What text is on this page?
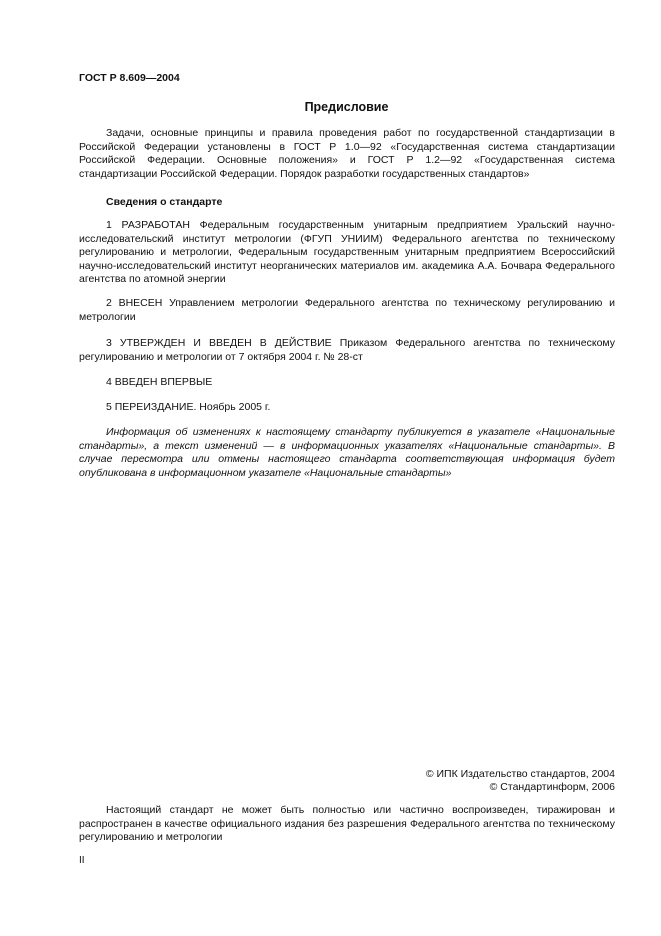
ГОСТ Р 8.609—2004
Предисловие

Задачи, основные принципы и правила проведения работ по государственной стандартизации в Российской Федерации установлены в ГОСТ Р 1.0—92 «Государственная система стандартизации Российской Федерации. Основные положения» и ГОСТ Р 1.2—92 «Государственная система стандартизации Российской Федерации. Порядок разработки государственных стандартов»

Сведения о стандарте

1 РАЗРАБОТАН Федеральным государственным унитарным предприятием Уральский научно-исследовательский институт метрологии (ФГУП УНИИМ) Федерального агентства по техническому регулированию и метрологии, Федеральным государственным унитарным предприятием Всероссийский научно-исследовательский институт неорганических материалов им. академика А.А. Бочвара Федерального агентства по атомной энергии

2 ВНЕСЕН Управлением метрологии Федерального агентства по техническому регулированию и метрологии

3 УТВЕРЖДЕН И ВВЕДЕН В ДЕЙСТВИЕ Приказом Федерального агентства по техническому регулированию и метрологии от 7 октября 2004 г. № 28-ст

4 ВВЕДЕН ВПЕРВЫЕ

5 ПЕРЕИЗДАНИЕ. Ноябрь 2005 г.

Информация об изменениях к настоящему стандарту публикуется в указателе «Национальные стандарты», а текст изменений — в информационных указателях «Национальные стандарты». В случае пересмотра или отмены настоящего стандарта соответствующая информация будет опубликована в информационном указателе «Национальные стандарты»

© ИПК Издательство стандартов, 2004
© Стандартинформ, 2006

Настоящий стандарт не может быть полностью или частично воспроизведен, тиражирован и распространен в качестве официального издания без разрешения Федерального агентства по техническому регулированию и метрологии

II
